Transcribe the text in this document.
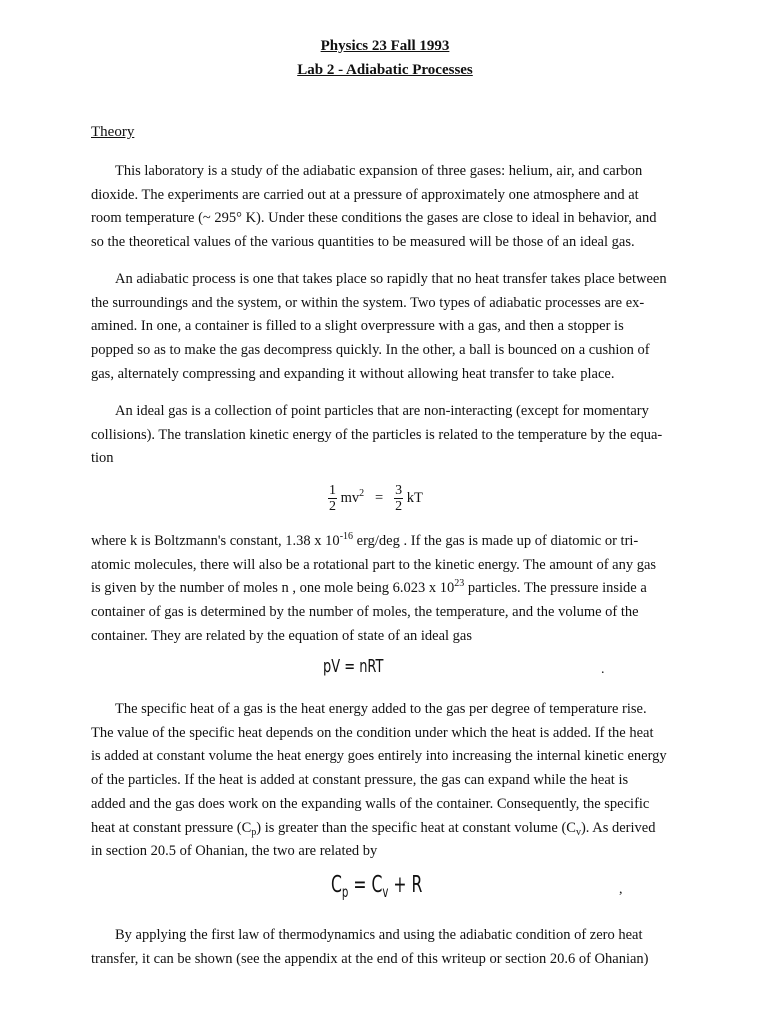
Physics 23 Fall 1993
Lab 2 - Adiabatic Processes
Theory
This laboratory is a study of the adiabatic expansion of three gases: helium, air, and carbon
dioxide. The experiments are carried out at a pressure of approximately one atmosphere and at
room temperature (~ 295° K). Under these conditions the gases are close to ideal in behavior, and
so the theoretical values of the various quantities to be measured will be those of an ideal gas.
An adiabatic process is one that takes place so rapidly that no heat transfer takes place between
the surroundings and the system, or within the system. Two types of adiabatic processes are ex-
amined. In one, a container is filled to a slight overpressure with a gas, and then a stopper is
popped so as to make the gas decompress quickly. In the other, a ball is bounced on a cushion of
gas, alternately compressing and expanding it without allowing heat transfer to take place.
An ideal gas is a collection of point particles that are non-interacting (except for momentary
collisions). The translation kinetic energy of the particles is related to the temperature by the equa-
tion
$\frac{1}{2} mv^2 = \frac{3}{2}$ kT
where k is Boltzmann's constant, 1.38 x $10^{-16}$ erg/deg . If the gas is made up of diatomic or tri-
atomic molecules, there will also be a rotational part to the kinetic energy. The amount of any gas
is given by the number of moles n , one mole being 6.023 x $10^{23}$ particles. The pressure inside a
container of gas is determined by the number of moles, the temperature, and the volume of the
container. They are related by the equation of state of an ideal gas
pV = nRT	.
The specific heat of a gas is the heat energy added to the gas per degree of temperature rise.
The value of the specific heat depends on the condition under which the heat is added. If the heat
is added at constant volume the heat energy goes entirely into increasing the internal kinetic energy
of the particles. If the heat is added at constant pressure, the gas can expand while the heat is
added and the gas does work on the expanding walls of the container. Consequently, the specific
heat at constant pressure $(C_p)$ is greater than the specific heat at constant volume $(C_v)$. As derived
in section 20.5 of Ohanian, the two are related by
$C_p = C_v + R$	,
By applying the first law of thermodynamics and using the adiabatic condition of zero heat
transfer, it can be shown (see the appendix at the end of this writeup or section 20.6 of Ohanian)
